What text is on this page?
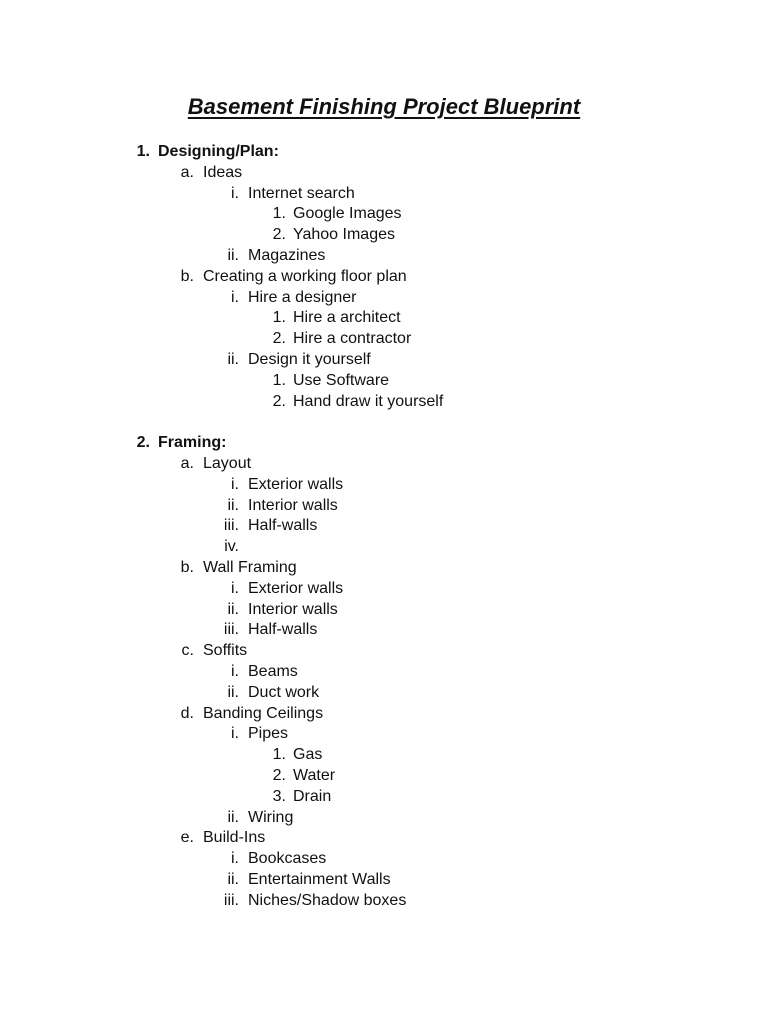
Basement Finishing Project Blueprint
1. Designing/Plan:
a. Ideas
i. Internet search
1. Google Images
2. Yahoo Images
ii. Magazines
b. Creating a working floor plan
i. Hire a designer
1. Hire a architect
2. Hire a contractor
ii. Design it yourself
1. Use Software
2. Hand draw it yourself
2. Framing:
a. Layout
i. Exterior walls
ii. Interior walls
iii. Half-walls
iv.
b. Wall Framing
i. Exterior walls
ii. Interior walls
iii. Half-walls
c. Soffits
i. Beams
ii. Duct work
d. Banding Ceilings
i. Pipes
1. Gas
2. Water
3. Drain
ii. Wiring
e. Build-Ins
i. Bookcases
ii. Entertainment Walls
iii. Niches/Shadow boxes
